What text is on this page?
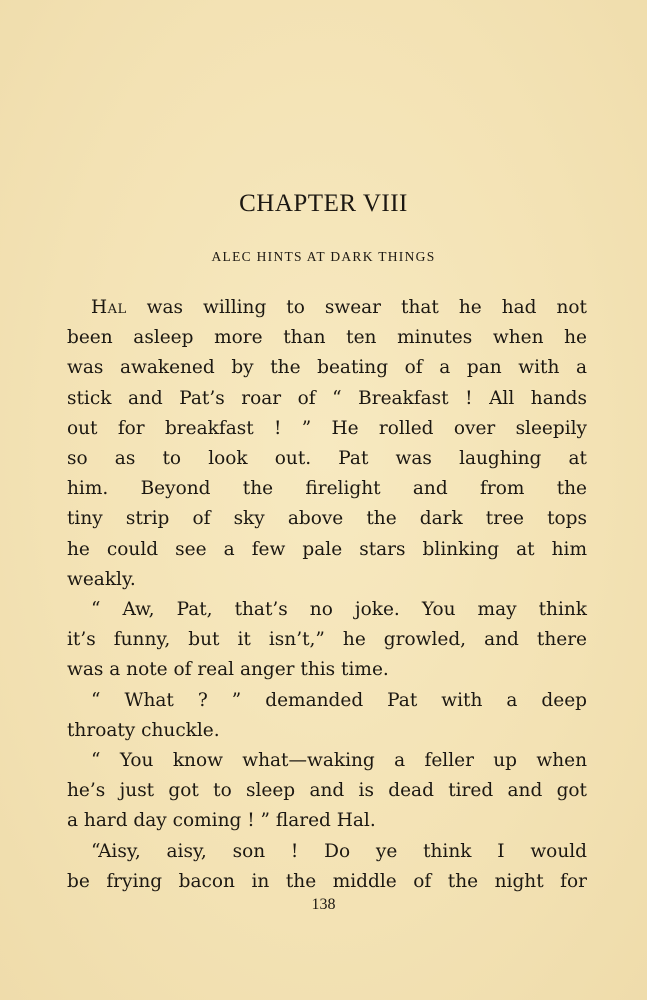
CHAPTER VIII
ALEC HINTS AT DARK THINGS

Hal was willing to swear that he had not

been asleep more than ten minutes when he

was awakened by the beating of a pan with a

stick and Pat’s roar of “ Breakfast ! All hands

out for breakfast ! ” He rolled over sleepily

so as to look out. Pat was laughing at

him. Beyond the firelight and from the

tiny strip of sky above the dark tree tops

he could see a few pale stars blinking at him

weakly.

“ Aw, Pat, that’s no joke. You may think

it’s funny, but it isn’t,” he growled, and there

was a note of real anger this time.

“ What ? ” demanded Pat with a deep

throaty chuckle.

“ You know what—waking a feller up when

he’s just got to sleep and is dead tired and got

a hard day coming ! ” flared Hal.

“Aisy, aisy, son ! Do ye think I would

be frying bacon in the middle of the night for

138
